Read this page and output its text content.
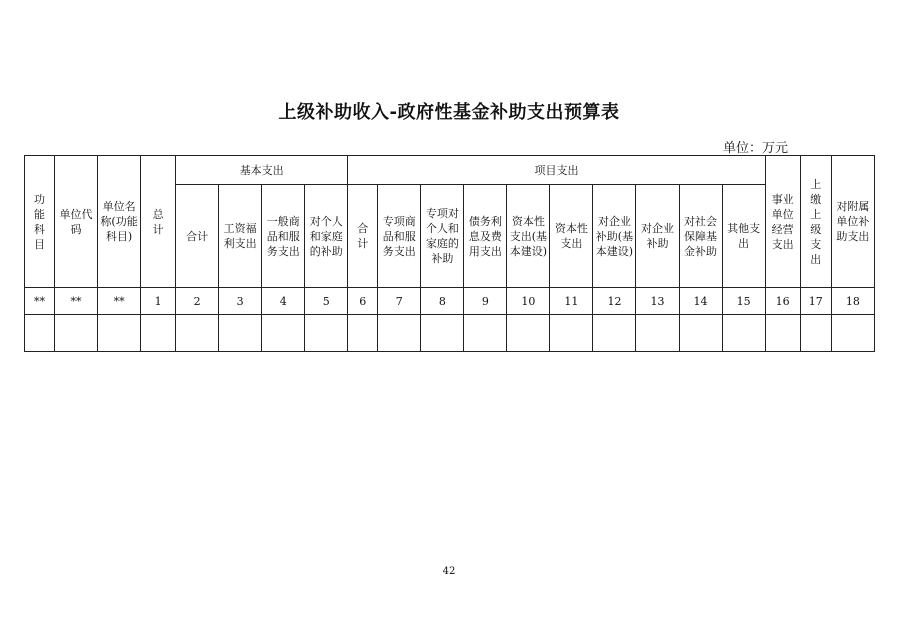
上级补助收入-政府性基金补助支出预算表
单位：万元
功能科目	单位代码	单位名称(功能科目)	总计	基本支出				项目支出										事业单位经营支出	上缴上级支出	对附属单位补助支出
				合计	工资福利支出	一般商品和服务支出	对个人和家庭的补助	合计	专项商品和服务支出	专项对个人和家庭的补助	债务利息及费用支出	资本性支出(基本建设)	资本性支出	对企业补助(基本建设)	对企业补助	对社会保障基金补助	其他支出			
**	**	**	1	2	3	4	5	6	7	8	9	10	11	12	13	14	15	16	17	18

42
